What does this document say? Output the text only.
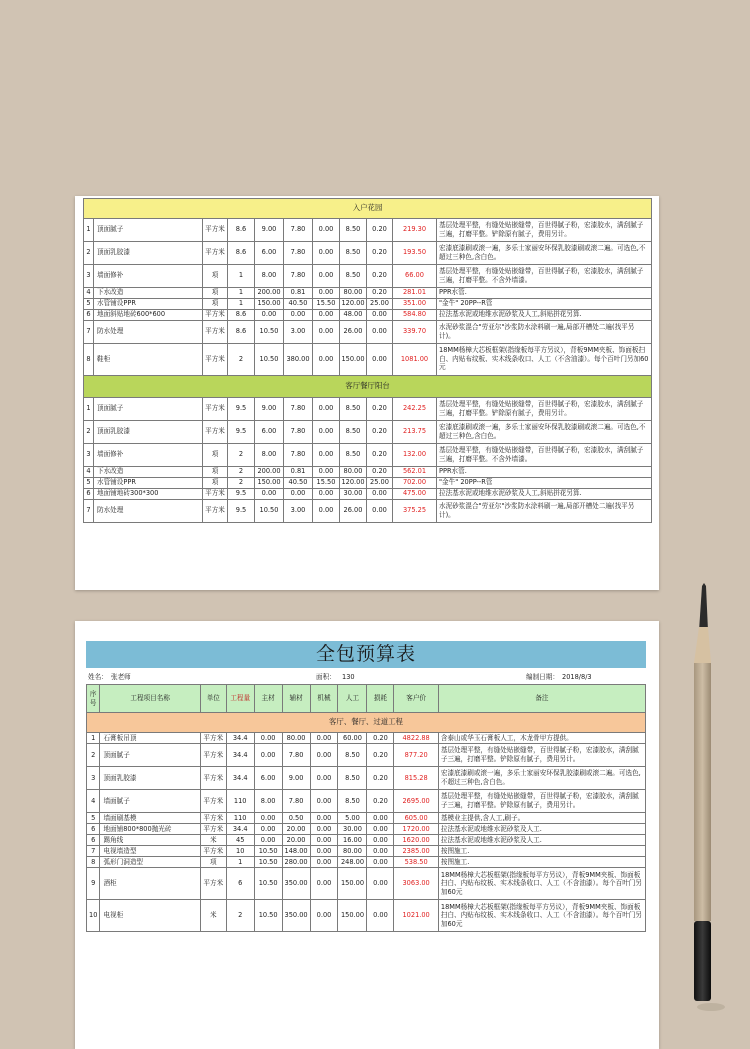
入户花园										
1	顶面腻子	平方米	8.6	9.00	7.80	0.00	8.50	0.20	219.30	基层处理平整，有缝处贴嵌缝带，百世得腻子粉，宏漆胶水，满刮腻子三遍，打磨平整。铲除原有腻子，费用另计。
2	顶面乳胶漆	平方米	8.6	6.00	7.80	0.00	8.50	0.20	193.50	宏漆底漆刷或滚一遍，多乐士家丽安环保乳胶漆刷或滚二遍。可选色,不超过三种色,含白色。
3	墙面修补	项	1	8.00	7.80	0.00	8.50	0.20	66.00	基层处理平整，有缝处贴嵌缝带，百世得腻子粉，宏漆胶水，满刮腻子三遍，打磨平整。不含外墙漆。
4	下水改造	项	1	200.00	0.81	0.00	80.00	0.20	281.01	PPR水管.
5	水管铺设PPR	项	1	150.00	40.50	15.50	120.00	25.00	351.00	"金牛" 20PP--R管
6	地面斜贴地砖600*600	平方米	8.6	0.00	0.00	0.00	48.00	0.00	584.80	拉法基水泥或地维水泥砂浆及人工,斜贴拼花另算.
7	防水处理	平方米	8.6	10.50	3.00	0.00	26.00	0.00	339.70	水泥砂浆混合"劳亚尔"沙浆防水涂料刷一遍,局部开槽处二遍(找平另计)。
8	鞋柜	平方米	2	10.50	380.00	0.00	150.00	0.00	1081.00	18MM杨樟大芯板框架(指缘板每平方另议），背板9MM夹板、饰面板扫白、内贴布纹板、实木线条收口、人工（不含油漆）。每个百叶门另加60元
客厅餐厅阳台										
1	顶面腻子	平方米	9.5	9.00	7.80	0.00	8.50	0.20	242.25	基层处理平整，有缝处贴嵌缝带，百世得腻子粉，宏漆胶水，满刮腻子三遍，打磨平整。铲除原有腻子，费用另计。
2	顶面乳胶漆	平方米	9.5	6.00	7.80	0.00	8.50	0.20	213.75	宏漆底漆刷或滚一遍，多乐士家丽安环保乳胶漆刷或滚二遍。可选色,不超过三种色,含白色。
3	墙面修补	项	2	8.00	7.80	0.00	8.50	0.20	132.00	基层处理平整，有缝处贴嵌缝带，百世得腻子粉，宏漆胶水，满刮腻子三遍，打磨平整。不含外墙漆。
4	下水改造	项	2	200.00	0.81	0.00	80.00	0.20	562.01	PPR水管.
5	水管铺设PPR	项	2	150.00	40.50	15.50	120.00	25.00	702.00	"金牛" 20PP--R管
6	地面铺地砖300*300	平方米	9.5	0.00	0.00	0.00	30.00	0.00	475.00	拉法基水泥或地维水泥砂浆及人工,斜贴拼花另算.
7	防水处理	平方米	9.5	10.50	3.00	0.00	26.00	0.00	375.25	水泥砂浆混合"劳亚尔"沙浆防水涂料刷一遍,局部开槽处二遍(找平另计)。
全包预算表
姓名： 张老师	面积： 130	编制日期： 2018/8/3
序号	工程项目名称	单位	工程量	主材	辅材	机械	人工	损耗	客户价	备注
客厅、餐厅、过道工程										
1	石膏板吊顶	平方米	34.4	0.00	80.00	0.00	60.00	0.20	4822.88	含泰山或华玉石膏板人工，木龙骨甲方提供。
2	顶面腻子	平方米	34.4	0.00	7.80	0.00	8.50	0.20	877.20	基层处理平整，有缝处贴嵌缝带，百世得腻子粉，宏漆胶水，满刮腻子三遍，打磨平整。铲除原有腻子，费用另计。
3	顶面乳胶漆	平方米	34.4	6.00	9.00	0.00	8.50	0.20	815.28	宏漆底漆刷或滚一遍，多乐士家丽安环保乳胶漆刷或滚二遍。可选色,不超过三种色,含白色。
4	墙面腻子	平方米	110	8.00	7.80	0.00	8.50	0.20	2695.00	基层处理平整，有缝处贴嵌缝带，百世得腻子粉，宏漆胶水，满刮腻子三遍，打磨平整。铲除原有腻子，费用另计。
5	墙面刷基模	平方米	110	0.00	0.50	0.00	5.00	0.00	605.00	基模业主提供,含人工,刷子。
6	地面铺800*800抛光砖	平方米	34.4	0.00	20.00	0.00	30.00	0.00	1720.00	拉法基水泥或地维水泥砂浆及人工.
6	踢角线	米	45	0.00	20.00	0.00	16.00	0.00	1620.00	拉法基水泥或地维水泥砂浆及人工.
7	电视墙造型	平方米	10	10.50	148.00	0.00	80.00	0.00	2385.00	按图施工.
8	弧形门洞造型	项	1	10.50	280.00	0.00	248.00	0.00	538.50	按图施工.
9	酒柜	平方米	6	10.50	350.00	0.00	150.00	0.00	3063.00	18MM杨樟大芯板框架(指缘板每平方另议），背板9MM夹板、饰面板扫白、内贴布纹板、实木线条收口、人工（不含油漆）。每个百叶门另加60元
10	电视柜	米	2	10.50	350.00	0.00	150.00	0.00	1021.00	18MM杨樟大芯板框架(指缘板每平方另议），背板9MM夹板、饰面板扫白、内贴布纹板、实木线条收口、人工（不含油漆）。每个百叶门另加60元
